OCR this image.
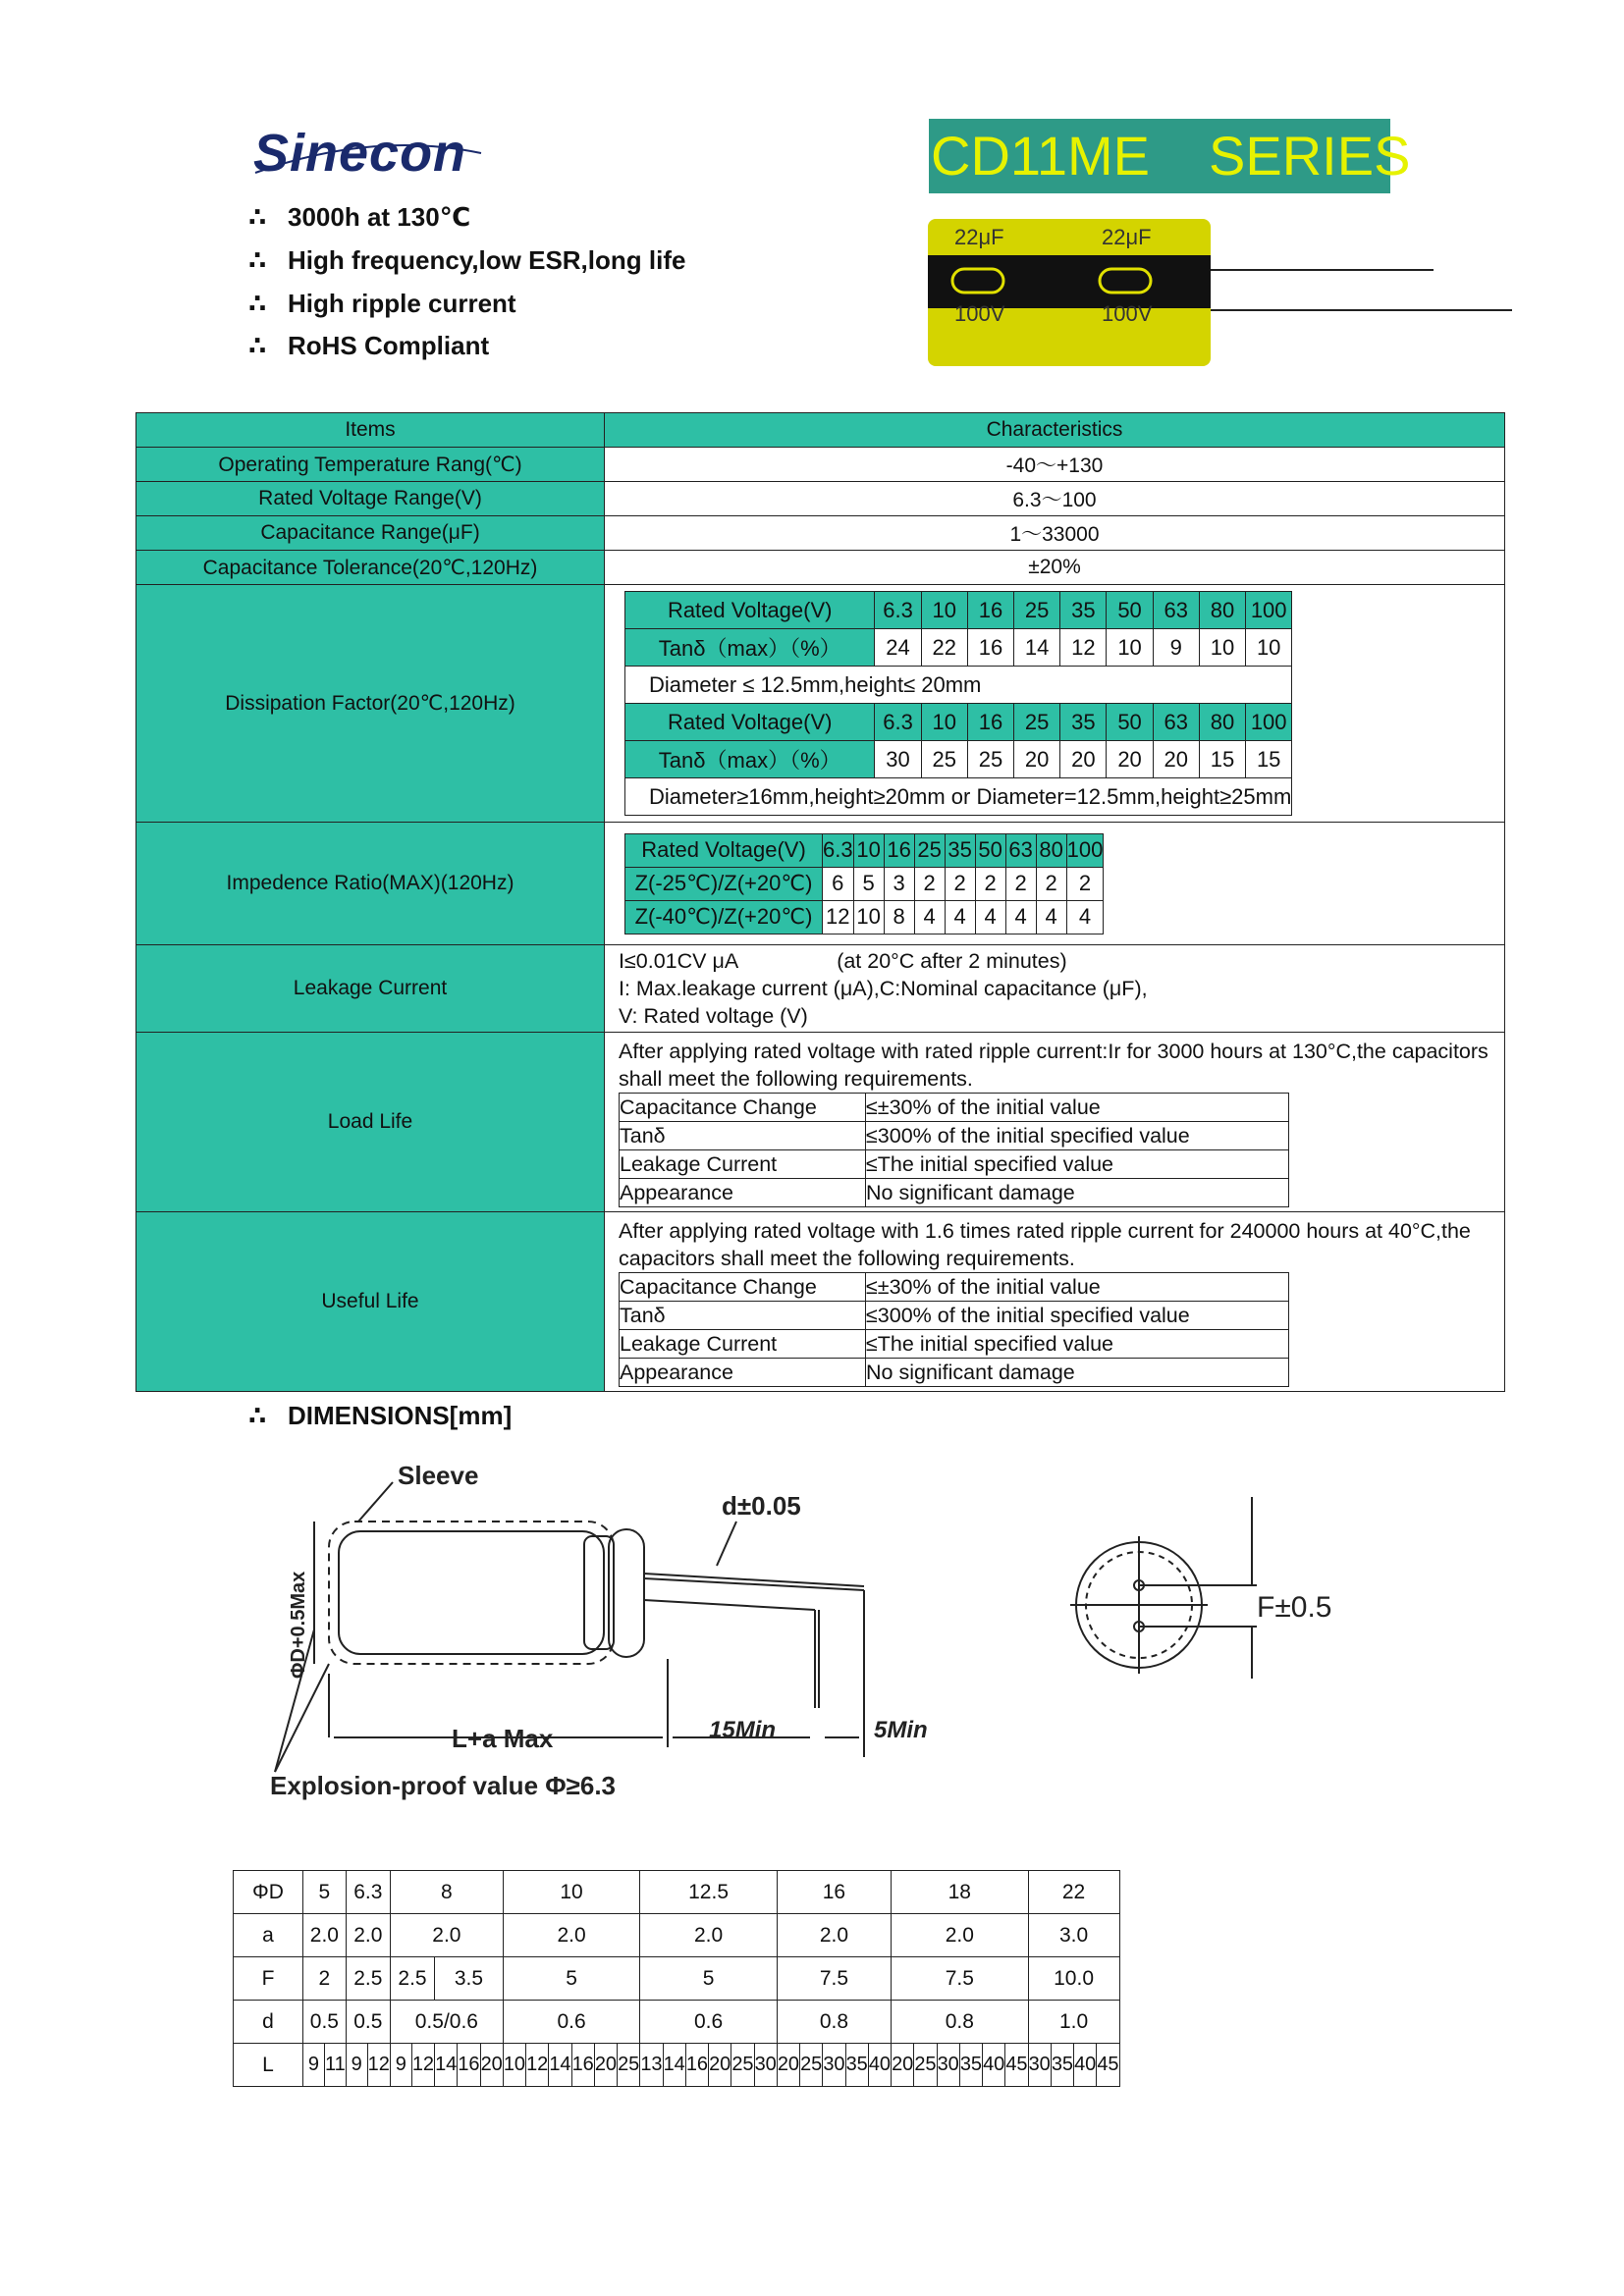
Sinecon
∴ 3000h at 130℃
∴ High frequency,low ESR,long life
∴ High ripple current
∴ RoHS Compliant
CD11ME SERIES
22μF	22μF
100V	100V
Items	Characteristics
Operating Temperature Rang(℃)	-40～+130
Rated Voltage Range(V)	6.3～100
Capacitance Range(μF)	1～33000
Capacitance Tolerance(20℃,120Hz)	±20%
Dissipation Factor(20℃,120Hz)	
Rated Voltage(V)	6.3	10	16	25	35	50	63	80	100
Tanδ（max）（%）	24	22	16	14	12	10	9	10	10
Diameter ≤ 12.5mm,height≤ 20mm
Rated Voltage(V)	6.3	10	16	25	35	50	63	80	100
Tanδ（max）（%）	30	25	25	20	20	20	20	15	15
Diameter≥16mm,height≥20mm or Diameter=12.5mm,height≥25mm

Impedence Ratio(MAX)(120Hz)	
Rated Voltage(V)	6.3	10	16	25	35	50	63	80	100
Z(-25℃)/Z(+20℃)	6	5	3	2	2	2	2	2	2
Z(-40℃)/Z(+20℃)	12	10	8	4	4	4	4	4	4

Leakage Current	
I≤0.01CV μA	(at 20°C after 2 minutes)
I: Max.leakage current (μA),C:Nominal capacitance (μF),
V: Rated voltage (V)

Load Life	
After applying rated voltage with rated ripple current:Ir for 3000 hours at 130°C,the capacitors shall meet the following requirements.
Capacitance Change	≤±30% of the initial value
Tanδ	≤300% of the initial specified value
Leakage Current	≤The initial specified value
Appearance	No significant damage

Useful Life	
After applying rated voltage with 1.6 times rated ripple current for 240000 hours at 40°C,the capacitors shall meet the following requirements.
Capacitance Change	≤±30% of the initial value
Tanδ	≤300% of the initial specified value
Leakage Current	≤The initial specified value
Appearance	No significant damage
∴ DIMENSIONS[mm]
Sleeve
d±0.05
L+a Max	15Min	5Min
Explosion-proof value Φ≥6.3
ΦD+0.5Max	F±0.5
ΦD	5		6.3		8					10						12.5						16					18						22			
a	2.0		2.0		2.0					2.0						2.0						2.0					2.0						3.0			
F	2		2.5		2.5		3.5			5						5						7.5					7.5						10.0			
d	0.5		0.5		0.5/0.6					0.6						0.6						0.8					0.8						1.0			
L	9	11	9	12	9	12	14	16	20	10	12	14	16	20	25	13	14	16	20	25	30	20	25	30	35	40	20	25	30	35	40	45	30	35	40	45
